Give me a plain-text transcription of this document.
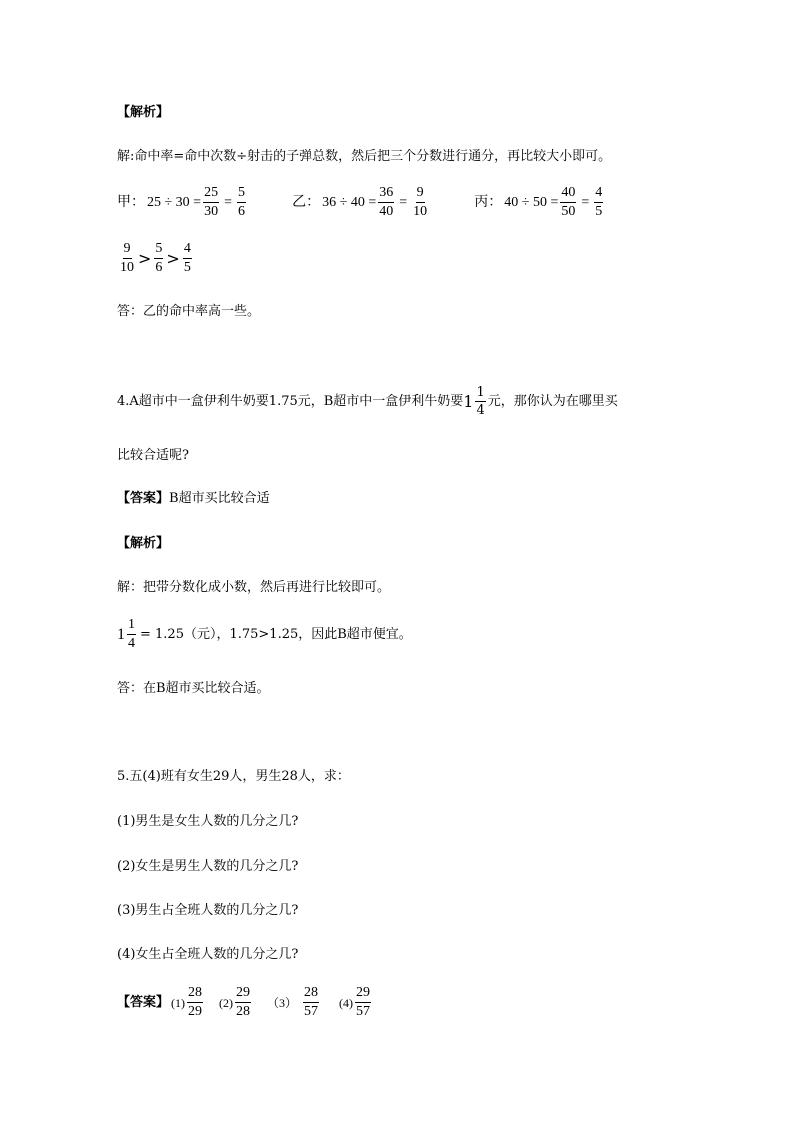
【解析】
解:命中率=命中次数÷射击的子弹总数，然后把三个分数进行通分，再比较大小即可。
甲： $25 \div 30 = \frac{25}{30} = \frac{5}{6}$
	乙： $36 \div 40 = \frac{36}{40} = \frac{9}{10}$
	丙： $40 \div 50 = \frac{40}{50} = \frac{4}{5}$
$\frac{9}{10} > \frac{5}{6} > \frac{4}{5}$
答：乙的命中率高一些。
4.A超市中一盒伊利牛奶要1.75元，B超市中一盒伊利牛奶要 $1 \frac{1}{4}$ 元，那你认为在哪里买
比较合适呢?
【答案】B超市买比较合适
【解析】
解：把带分数化成小数，然后再进行比较即可。
$1 \frac{1}{4} = 1.25$（元），1.75>1.25，因此B超市便宜。
答：在B超市买比较合适。
5.五(4)班有女生29人，男生28人，求：
(1)男生是女生人数的几分之几?
(2)女生是男生人数的几分之几?
(3)男生占全班人数的几分之几?
(4)女生占全班人数的几分之几?
【答案】 $(1) \frac{28}{29} (2) \frac{29}{28} (3) \frac{28}{57} (4) \frac{29}{57}$
